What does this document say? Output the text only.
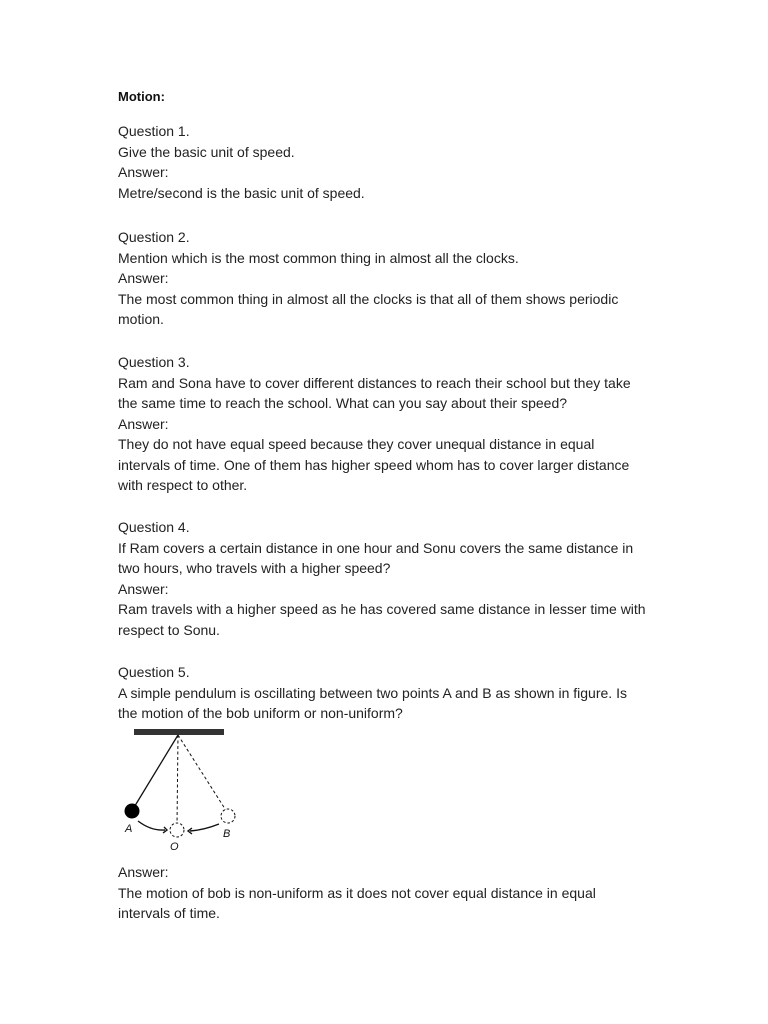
Motion:

Question 1.

Give the basic unit of speed.

Answer:

Metre/second is the basic unit of speed.

Question 2.

Mention which is the most common thing in almost all the clocks.

Answer:

The most common thing in almost all the clocks is that all of them shows periodic

motion.

Question 3.

Ram and Sona have to cover different distances to reach their school but they take

the same time to reach the school. What can you say about their speed?

Answer:

They do not have equal speed because they cover unequal distance in equal

intervals of time. One of them has higher speed whom has to cover larger distance

with respect to other.

Question 4.

If Ram covers a certain distance in one hour and Sonu covers the same distance in

two hours, who travels with a higher speed?

Answer:

Ram travels with a higher speed as he has covered same distance in lesser time with

respect to Sonu.

Question 5.

A simple pendulum is oscillating between two points A and B as shown in figure. Is

the motion of the bob uniform or non-uniform?

A
O
B

Answer:

The motion of bob is non-uniform as it does not cover equal distance in equal

intervals of time.
